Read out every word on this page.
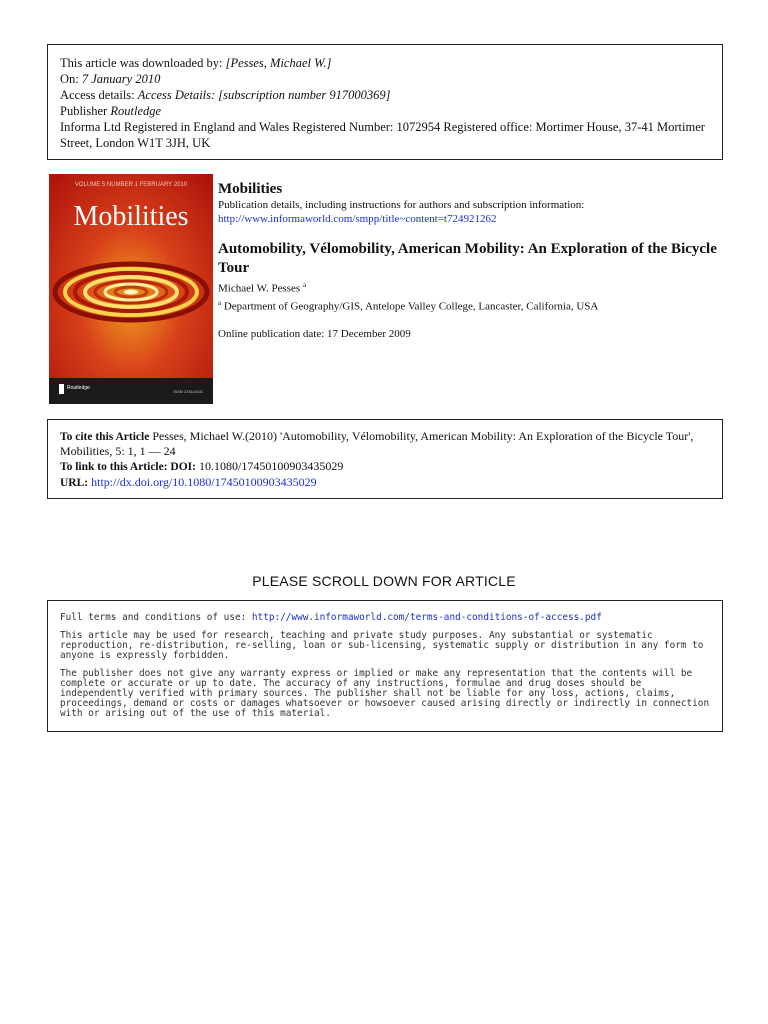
This article was downloaded by: [Pesses, Michael W.]
On: 7 January 2010
Access details: Access Details: [subscription number 917000369]
Publisher Routledge
Informa Ltd Registered in England and Wales Registered Number: 1072954 Registered office: Mortimer House, 37-41 Mortimer Street, London W1T 3JH, UK
VOLUME 5 NUMBER 1 FEBRUARY 2010
Mobilities
Routledge
ISSN 1745-0101
Mobilities
Publication details, including instructions for authors and subscription information:
http://www.informaworld.com/smpp/title~content=t724921262
Automobility, Vélomobility, American Mobility: An Exploration of the Bicycle Tour
Michael W. Pesses $^a$
$^a$ Department of Geography/GIS, Antelope Valley College, Lancaster, California, USA
Online publication date: 17 December 2009
To cite this Article Pesses, Michael W.(2010) 'Automobility, Vélomobility, American Mobility: An Exploration of the Bicycle Tour', Mobilities, 5: 1, 1 — 24
To link to this Article: DOI: 10.1080/17450100903435029
URL: http://dx.doi.org/10.1080/17450100903435029
PLEASE SCROLL DOWN FOR ARTICLE

Full terms and conditions of use: http://www.informaworld.com/terms-and-conditions-of-access.pdf

This article may be used for research, teaching and private study purposes. Any substantial or systematic reproduction, re-distribution, re-selling, loan or sub-licensing, systematic supply or distribution in any form to anyone is expressly forbidden.

The publisher does not give any warranty express or implied or make any representation that the contents will be complete or accurate or up to date. The accuracy of any instructions, formulae and drug doses should be independently verified with primary sources. The publisher shall not be liable for any loss, actions, claims, proceedings, demand or costs or damages whatsoever or howsoever caused arising directly or indirectly in connection with or arising out of the use of this material.
